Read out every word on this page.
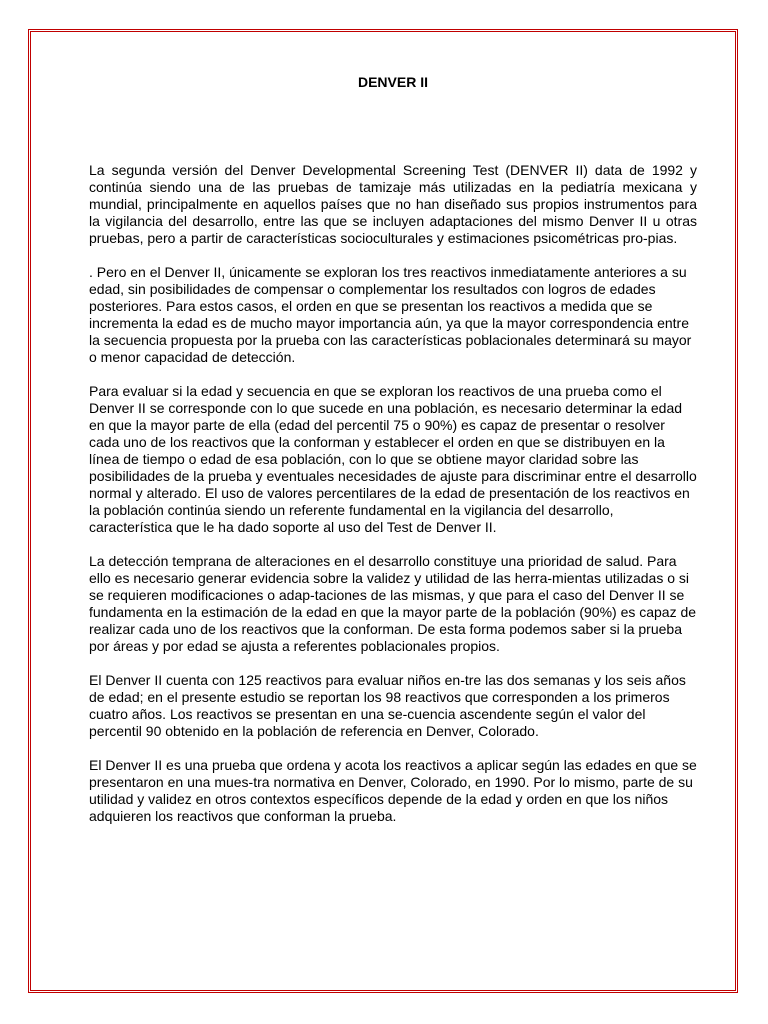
DENVER II

La segunda versión del Denver Developmental Screening Test (DENVER II) data de 1992 y continúa siendo una de las pruebas de tamizaje más utilizadas en la pediatría mexicana y mundial, principalmente en aquellos países que no han diseñado sus propios instrumentos para la vigilancia del desarrollo, entre las que se incluyen adaptaciones del mismo Denver II u otras pruebas, pero a partir de características socioculturales y estimaciones psicométricas pro-pias.

. Pero en el Denver II, únicamente se exploran los tres reactivos inmediatamente anteriores a su edad, sin posibilidades de compensar o complementar los resultados con logros de edades posteriores. Para estos casos, el orden en que se presentan los reactivos a medida que se incrementa la edad es de mucho mayor importancia aún, ya que la mayor correspondencia entre la secuencia propuesta por la prueba con las características poblacionales determinará su mayor o menor capacidad de detección.

Para evaluar si la edad y secuencia en que se exploran los reactivos de una prueba como el Denver II se corresponde con lo que sucede en una población, es necesario determinar la edad en que la mayor parte de ella (edad del percentil 75 o 90%) es capaz de presentar o resolver cada uno de los reactivos que la conforman y establecer el orden en que se distribuyen en la línea de tiempo o edad de esa población, con lo que se obtiene mayor claridad sobre las posibilidades de la prueba y eventuales necesidades de ajuste para discriminar entre el desarrollo normal y alterado. El uso de valores percentilares de la edad de presentación de los reactivos en la población continúa siendo un referente fundamental en la vigilancia del desarrollo, característica que le ha dado soporte al uso del Test de Denver II.

La detección temprana de alteraciones en el desarrollo constituye una prioridad de salud. Para ello es necesario generar evidencia sobre la validez y utilidad de las herra-mientas utilizadas o si se requieren modificaciones o adap-taciones de las mismas, y que para el caso del Denver II se fundamenta en la estimación de la edad en que la mayor parte de la población (90%) es capaz de realizar cada uno de los reactivos que la conforman. De esta forma podemos saber si la prueba por áreas y por edad se ajusta a referentes poblacionales propios.

El Denver II cuenta con 125 reactivos para evaluar niños en-tre las dos semanas y los seis años de edad; en el presente estudio se reportan los 98 reactivos que corresponden a los primeros cuatro años. Los reactivos se presentan en una se-cuencia ascendente según el valor del percentil 90 obtenido en la población de referencia en Denver, Colorado.

El Denver II es una prueba que ordena y acota los reactivos a aplicar según las edades en que se presentaron en una mues-tra normativa en Denver, Colorado, en 1990. Por lo mismo, parte de su utilidad y validez en otros contextos específicos depende de la edad y orden en que los niños adquieren los reactivos que conforman la prueba.
